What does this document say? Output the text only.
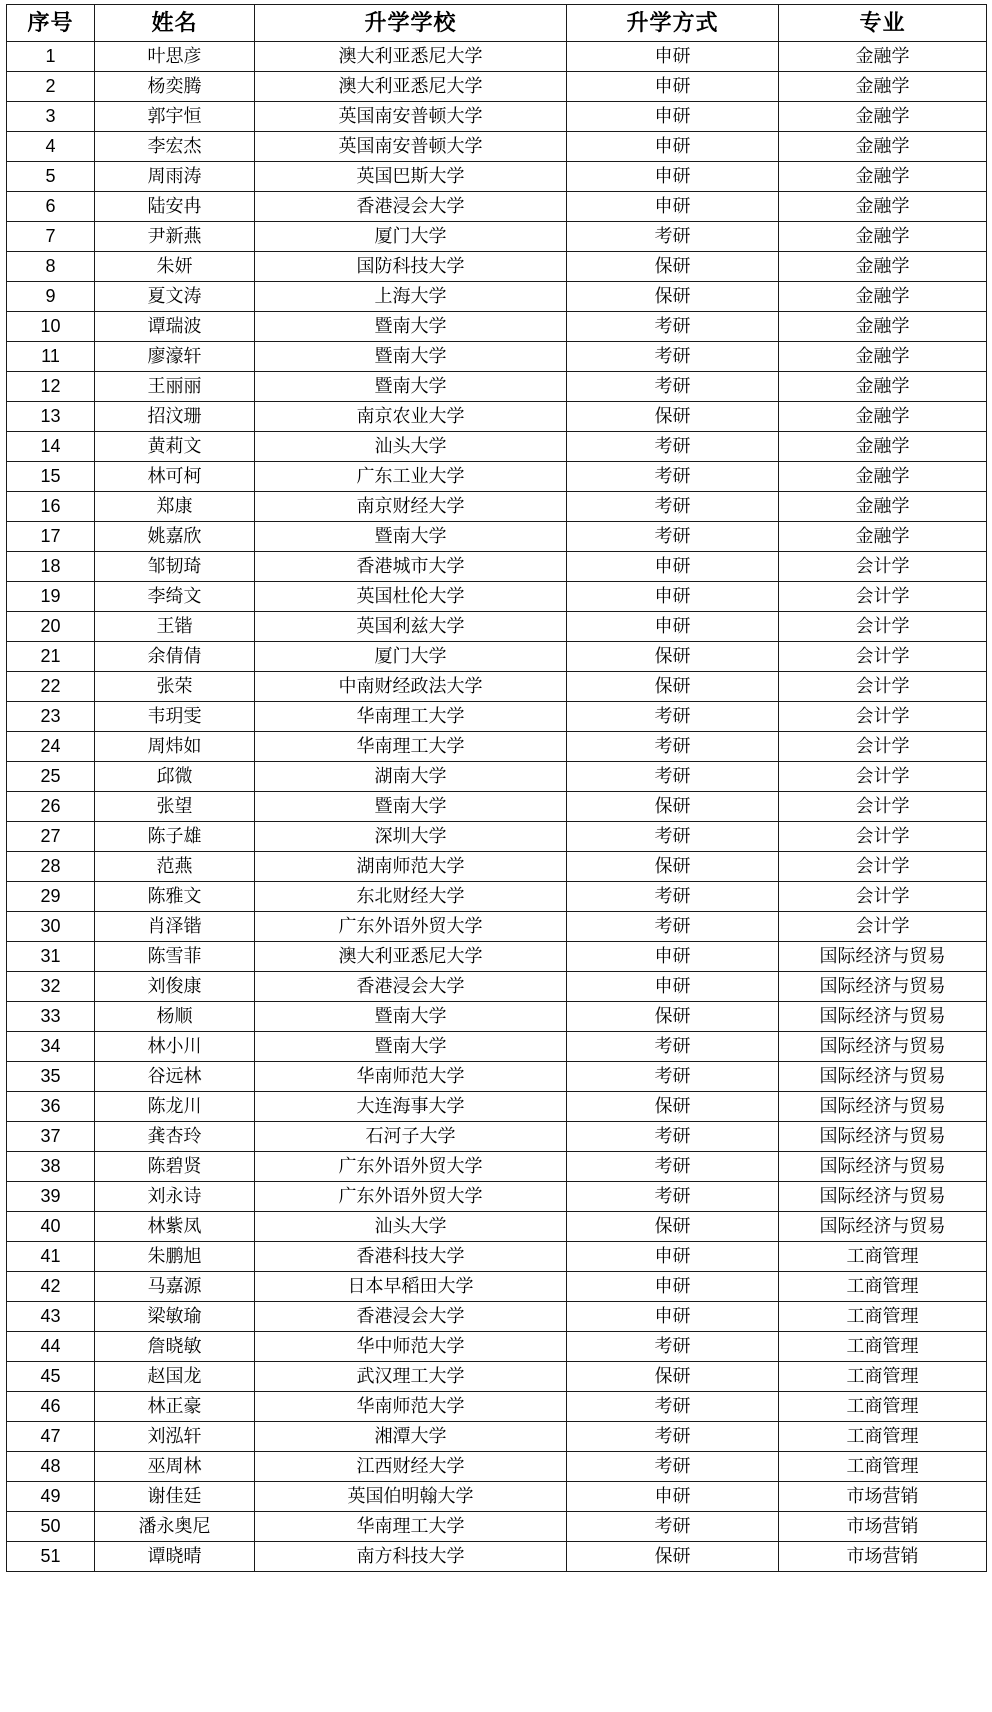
序号	姓名	升学学校	升学方式	专业
1	叶思彦	澳大利亚悉尼大学	申研	金融学
2	杨奕腾	澳大利亚悉尼大学	申研	金融学
3	郭宇恒	英国南安普顿大学	申研	金融学
4	李宏杰	英国南安普顿大学	申研	金融学
5	周雨涛	英国巴斯大学	申研	金融学
6	陆安冉	香港浸会大学	申研	金融学
7	尹新燕	厦门大学	考研	金融学
8	朱妍	国防科技大学	保研	金融学
9	夏文涛	上海大学	保研	金融学
10	谭瑞波	暨南大学	考研	金融学
11	廖濠轩	暨南大学	考研	金融学
12	王丽丽	暨南大学	考研	金融学
13	招汶珊	南京农业大学	保研	金融学
14	黄莉文	汕头大学	考研	金融学
15	林可柯	广东工业大学	考研	金融学
16	郑康	南京财经大学	考研	金融学
17	姚嘉欣	暨南大学	考研	金融学
18	邹韧琦	香港城市大学	申研	会计学
19	李绮文	英国杜伦大学	申研	会计学
20	王锴	英国利兹大学	申研	会计学
21	余倩倩	厦门大学	保研	会计学
22	张荣	中南财经政法大学	保研	会计学
23	韦玥雯	华南理工大学	考研	会计学
24	周炜如	华南理工大学	考研	会计学
25	邱微	湖南大学	考研	会计学
26	张望	暨南大学	保研	会计学
27	陈子雄	深圳大学	考研	会计学
28	范燕	湖南师范大学	保研	会计学
29	陈雅文	东北财经大学	考研	会计学
30	肖泽锴	广东外语外贸大学	考研	会计学
31	陈雪菲	澳大利亚悉尼大学	申研	国际经济与贸易
32	刘俊康	香港浸会大学	申研	国际经济与贸易
33	杨顺	暨南大学	保研	国际经济与贸易
34	林小川	暨南大学	考研	国际经济与贸易
35	谷远林	华南师范大学	考研	国际经济与贸易
36	陈龙川	大连海事大学	保研	国际经济与贸易
37	龚杏玲	石河子大学	考研	国际经济与贸易
38	陈碧贤	广东外语外贸大学	考研	国际经济与贸易
39	刘永诗	广东外语外贸大学	考研	国际经济与贸易
40	林紫凤	汕头大学	保研	国际经济与贸易
41	朱鹏旭	香港科技大学	申研	工商管理
42	马嘉源	日本早稻田大学	申研	工商管理
43	梁敏瑜	香港浸会大学	申研	工商管理
44	詹晓敏	华中师范大学	考研	工商管理
45	赵国龙	武汉理工大学	保研	工商管理
46	林正豪	华南师范大学	考研	工商管理
47	刘泓轩	湘潭大学	考研	工商管理
48	巫周林	江西财经大学	考研	工商管理
49	谢佳廷	英国伯明翰大学	申研	市场营销
50	潘永奥尼	华南理工大学	考研	市场营销
51	谭晓晴	南方科技大学	保研	市场营销
